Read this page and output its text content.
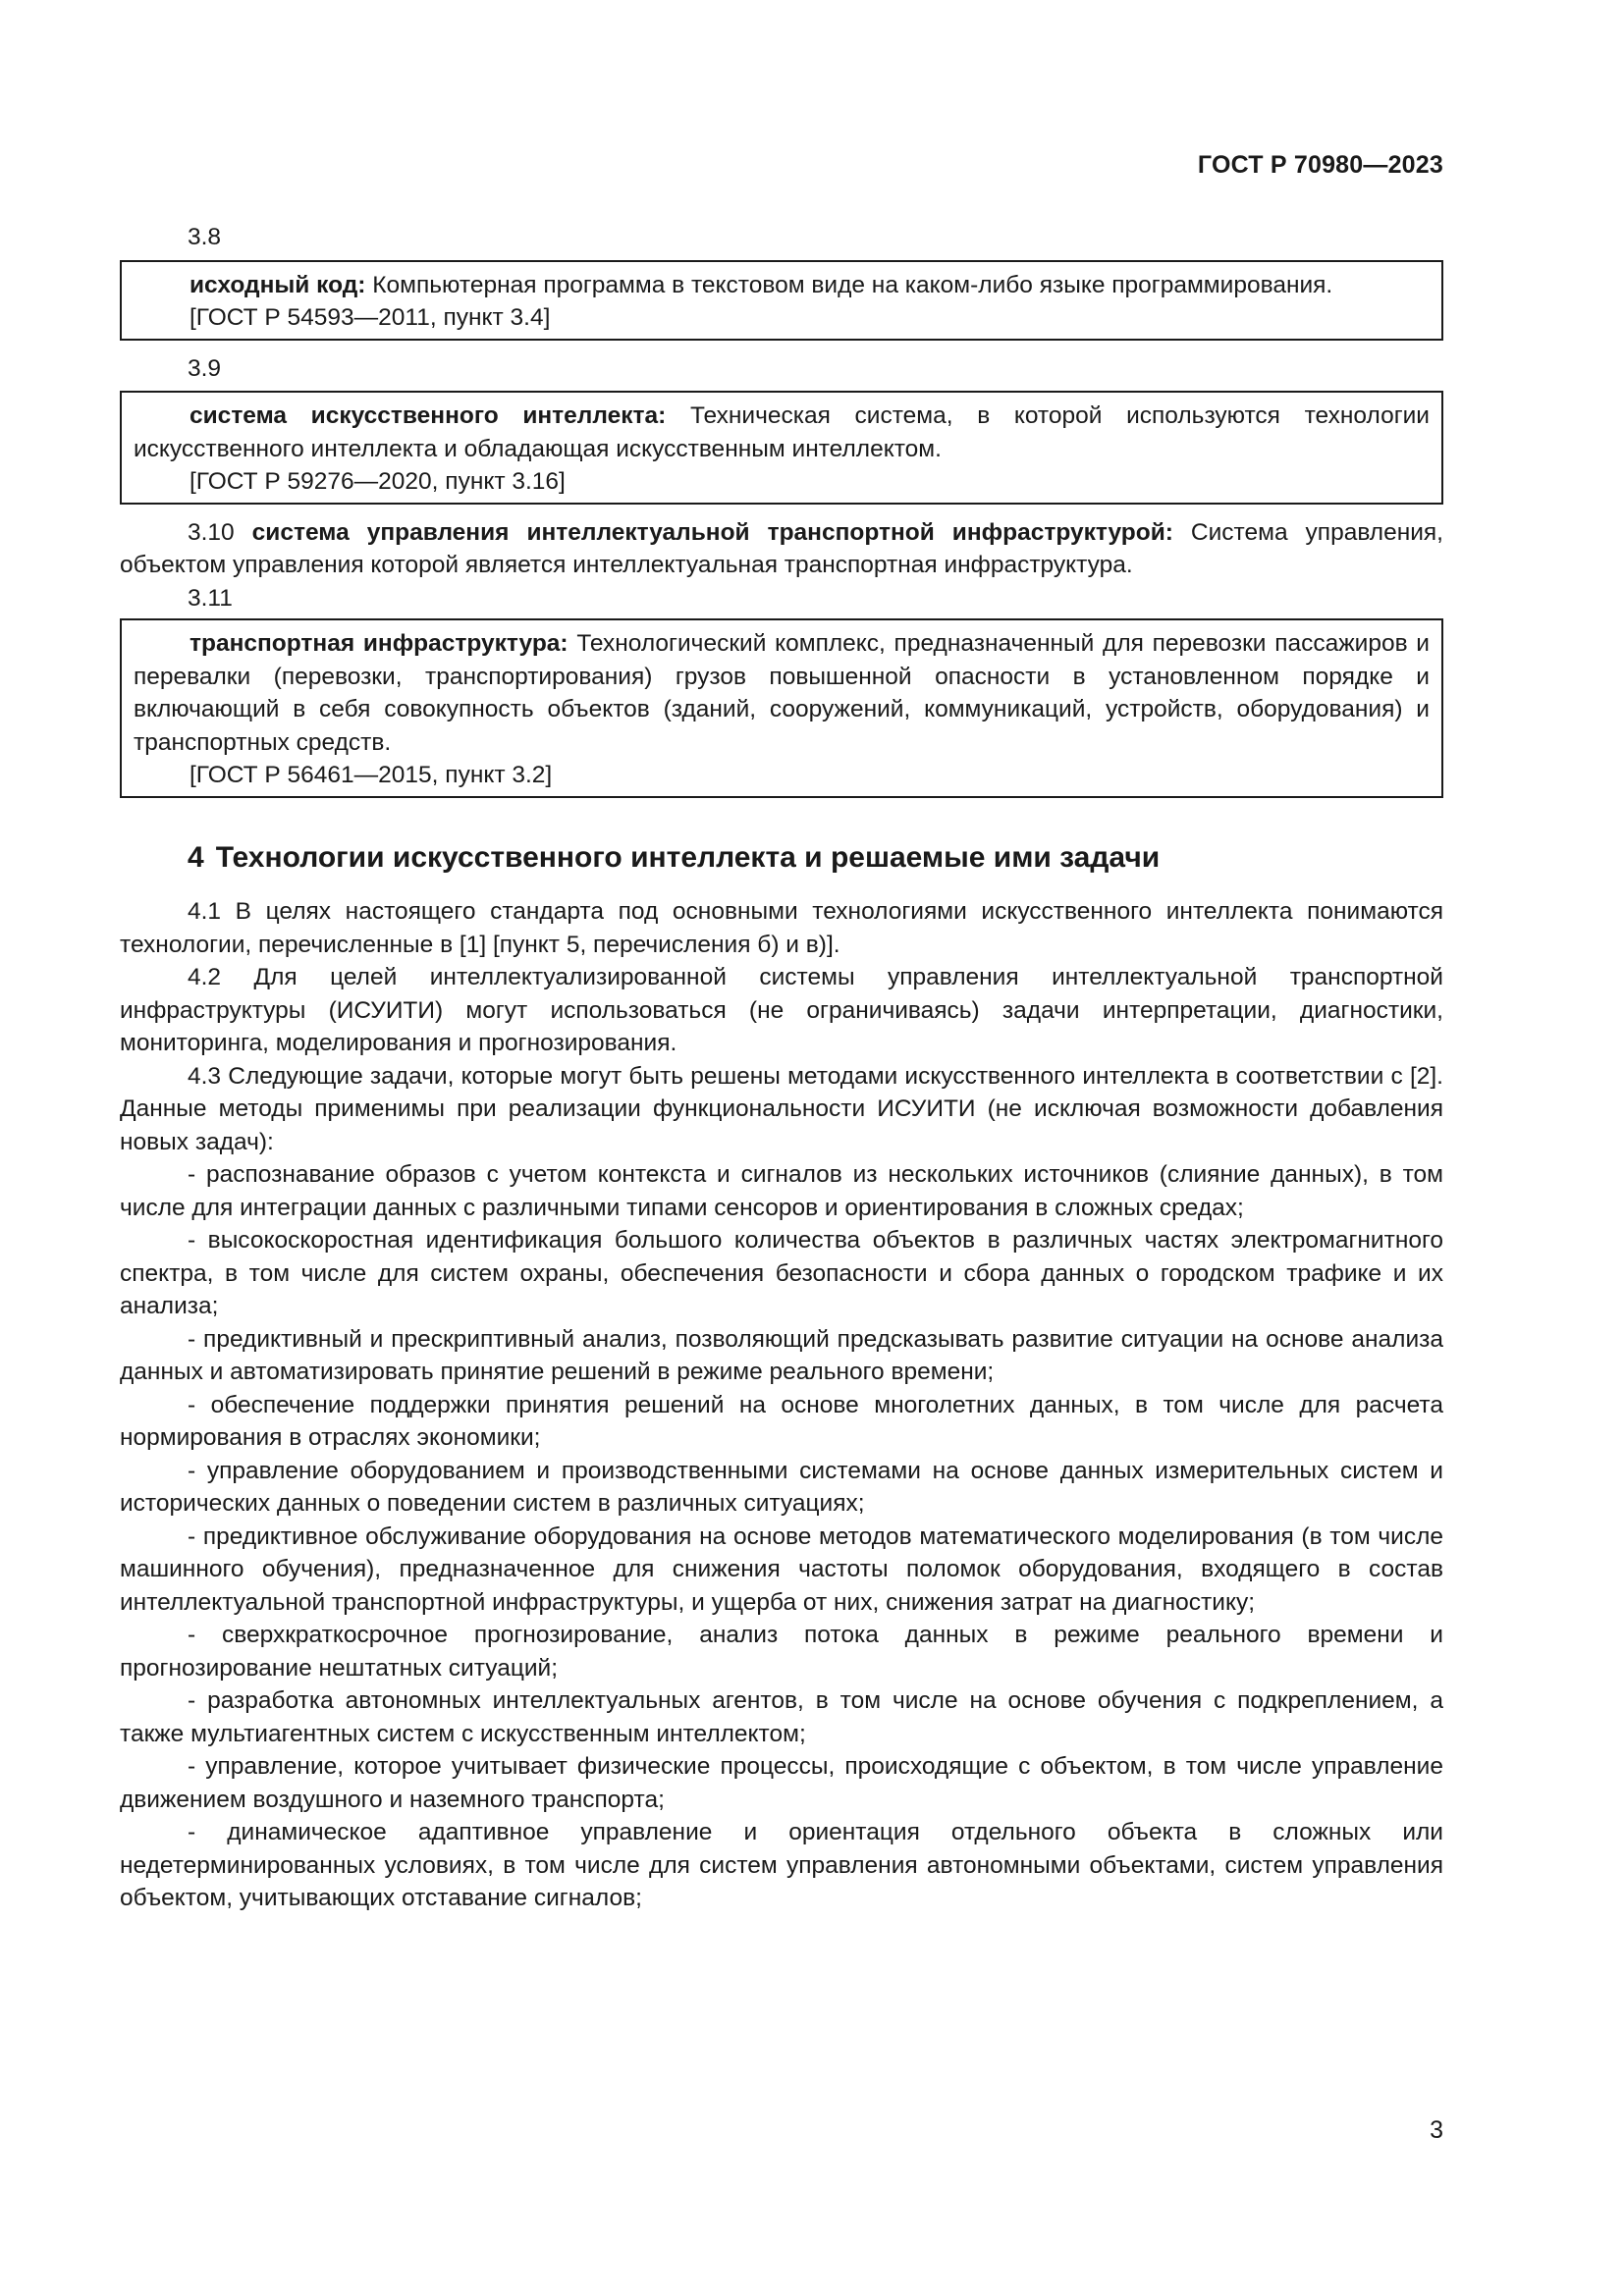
ГОСТ Р 70980—2023

3.8

исходный код: Компьютерная программа в текстовом виде на каком-либо языке программирования.

[ГОСТ Р 54593—2011, пункт 3.4]

3.9

система искусственного интеллекта: Техническая система, в которой используются технологии искусственного интеллекта и обладающая искусственным интеллектом.

[ГОСТ Р 59276—2020, пункт 3.16]

3.10 система управления интеллектуальной транспортной инфраструктурой: Система управления, объектом управления которой является интеллектуальная транспортная инфраструктура.

3.11

транспортная инфраструктура: Технологический комплекс, предназначенный для перевозки пассажиров и перевалки (перевозки, транспортирования) грузов повышенной опасности в установленном порядке и включающий в себя совокупность объектов (зданий, сооружений, коммуникаций, устройств, оборудования) и транспортных средств.

[ГОСТ Р 56461—2015, пункт 3.2]

4 Технологии искусственного интеллекта и решаемые ими задачи

4.1 В целях настоящего стандарта под основными технологиями искусственного интеллекта понимаются технологии, перечисленные в [1] [пункт 5, перечисления б) и в)].

4.2 Для целей интеллектуализированной системы управления интеллектуальной транспортной инфраструктуры (ИСУИТИ) могут использоваться (не ограничиваясь) задачи интерпретации, диагностики, мониторинга, моделирования и прогнозирования.

4.3 Следующие задачи, которые могут быть решены методами искусственного интеллекта в соответствии с [2]. Данные методы применимы при реализации функциональности ИСУИТИ (не исключая возможности добавления новых задач):

- распознавание образов с учетом контекста и сигналов из нескольких источников (слияние данных), в том числе для интеграции данных с различными типами сенсоров и ориентирования в сложных средах;
- высокоскоростная идентификация большого количества объектов в различных частях электромагнитного спектра, в том числе для систем охраны, обеспечения безопасности и сбора данных о городском трафике и их анализа;
- предиктивный и прескриптивный анализ, позволяющий предсказывать развитие ситуации на основе анализа данных и автоматизировать принятие решений в режиме реального времени;
- обеспечение поддержки принятия решений на основе многолетних данных, в том числе для расчета нормирования в отраслях экономики;
- управление оборудованием и производственными системами на основе данных измерительных систем и исторических данных о поведении систем в различных ситуациях;
- предиктивное обслуживание оборудования на основе методов математического моделирования (в том числе машинного обучения), предназначенное для снижения частоты поломок оборудования, входящего в состав интеллектуальной транспортной инфраструктуры, и ущерба от них, снижения затрат на диагностику;
- сверхкраткосрочное прогнозирование, анализ потока данных в режиме реального времени и прогнозирование нештатных ситуаций;
- разработка автономных интеллектуальных агентов, в том числе на основе обучения с подкреплением, а также мультиагентных систем с искусственным интеллектом;
- управление, которое учитывает физические процессы, происходящие с объектом, в том числе управление движением воздушного и наземного транспорта;
- динамическое адаптивное управление и ориентация отдельного объекта в сложных или недетерминированных условиях, в том числе для систем управления автономными объектами, систем управления объектом, учитывающих отставание сигналов;
3
